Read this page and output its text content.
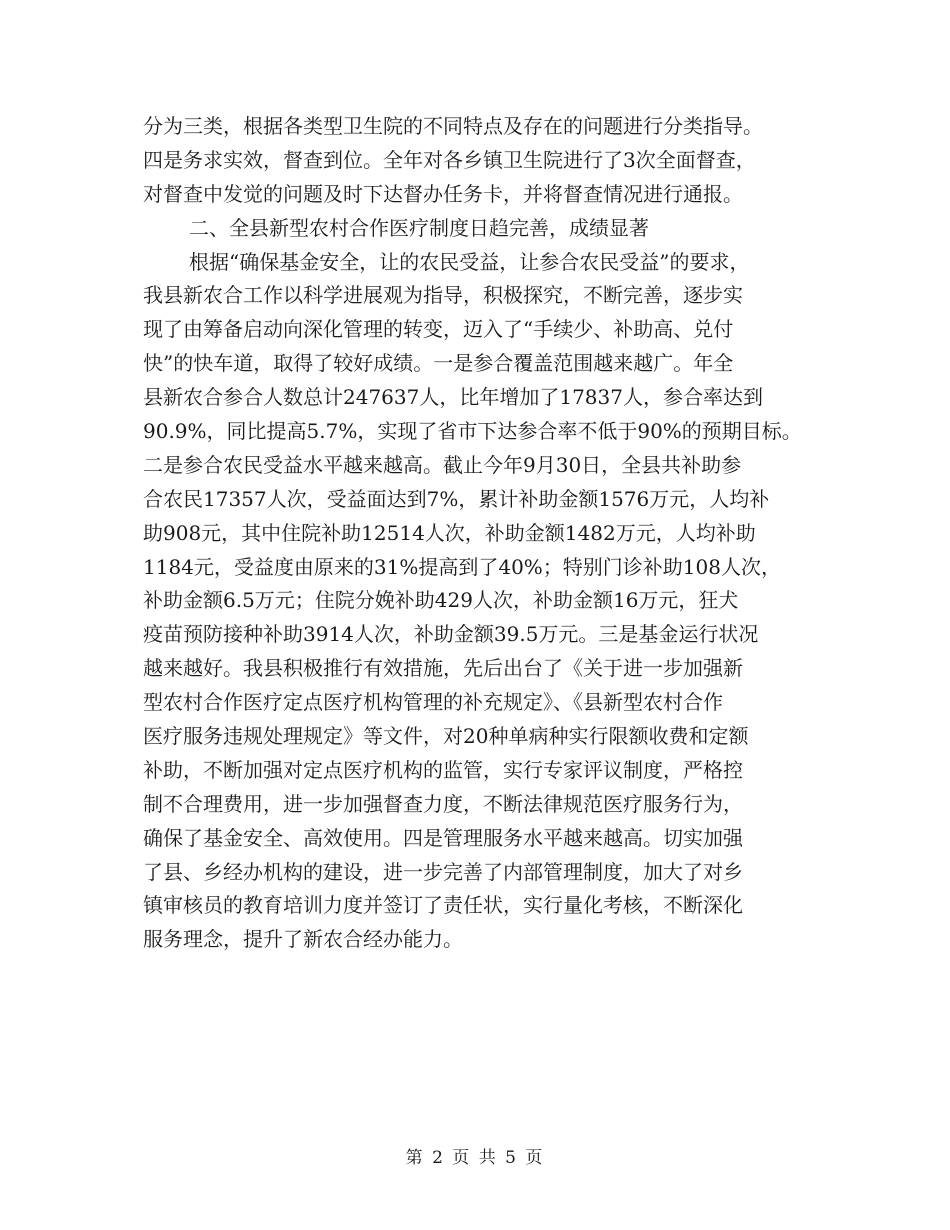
分为三类，根据各类型卫生院的不同特点及存在的问题进行分类指导。
四是务求实效，督查到位。全年对各乡镇卫生院进行了3次全面督查，
对督查中发觉的问题及时下达督办任务卡，并将督查情况进行通报。
二、全县新型农村合作医疗制度日趋完善，成绩显著
根据“确保基金安全，让的农民受益，让参合农民受益”的要求，
我县新农合工作以科学进展观为指导，积极探究，不断完善，逐步实
现了由筹备启动向深化管理的转变，迈入了“手续少、补助高、兑付
快”的快车道，取得了较好成绩。一是参合覆盖范围越来越广。年全
县新农合参合人数总计247637人，比年增加了17837人，参合率达到
90.9%，同比提高5.7%，实现了省市下达参合率不低于90%的预期目标。
二是参合农民受益水平越来越高。截止今年9月30日，全县共补助参
合农民17357人次，受益面达到7%，累计补助金额1576万元，人均补
助908元，其中住院补助12514人次，补助金额1482万元，人均补助
1184元，受益度由原来的31%提高到了40%；特别门诊补助108人次，
补助金额6.5万元；住院分娩补助429人次，补助金额16万元，狂犬
疫苗预防接种补助3914人次，补助金额39.5万元。三是基金运行状况
越来越好。我县积极推行有效措施，先后出台了《关于进一步加强新
型农村合作医疗定点医疗机构管理的补充规定》、《县新型农村合作
医疗服务违规处理规定》等文件，对20种单病种实行限额收费和定额
补助，不断加强对定点医疗机构的监管，实行专家评议制度，严格控
制不合理费用，进一步加强督查力度，不断法律规范医疗服务行为，
确保了基金安全、高效使用。四是管理服务水平越来越高。切实加强
了县、乡经办机构的建设，进一步完善了内部管理制度，加大了对乡
镇审核员的教育培训力度并签订了责任状，实行量化考核，不断深化
服务理念，提升了新农合经办能力。
第 2 页 共 5 页
